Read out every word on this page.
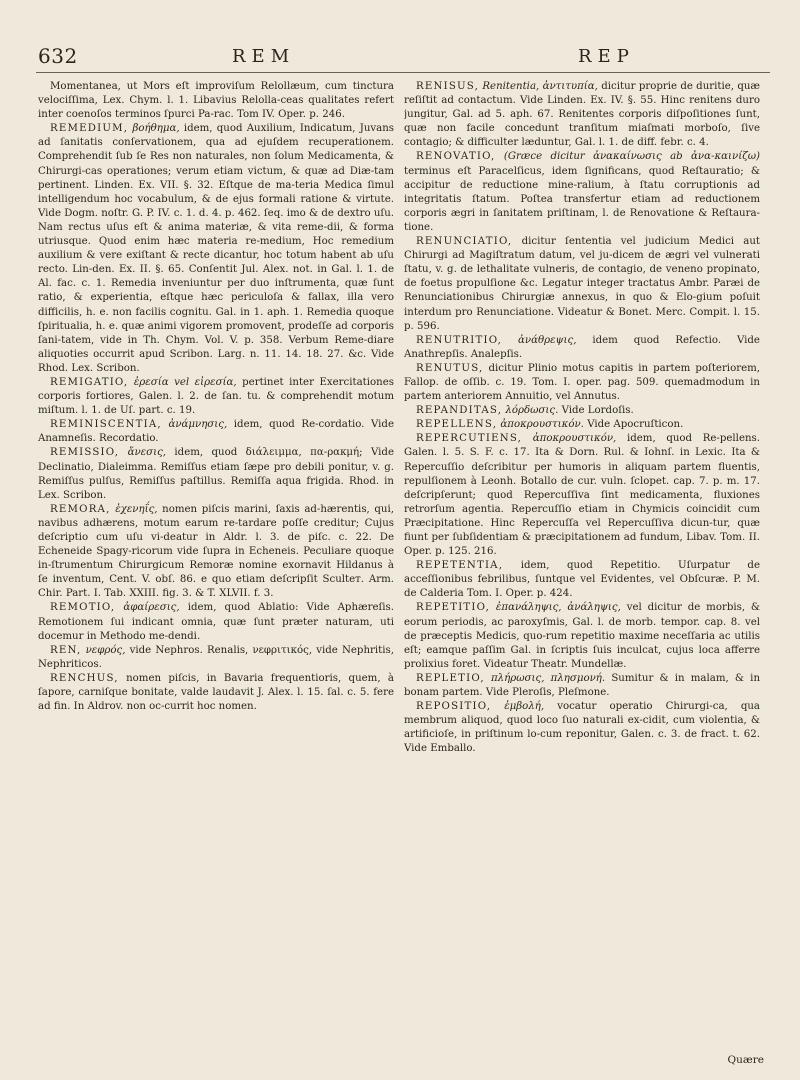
632	REM	REP

Momentanea, ut Mors eſt improviſum Relollæum, cum tinctura velociſſima, Lex. Chym. l. 1. Libavius Relolla-ceas qualitates refert inter coenoſos terminos ſpurci Pa-rac. Tom IV. Oper. p. 246.

REMEDIUM, βοήθημα, idem, quod Auxilium, Indicatum, Juvans ad ſanitatis conſervationem, qua ad ejuſdem recuperationem. Comprehendit ſub ſe Res non naturales, non ſolum Medicamenta, & Chirurgi-cas operationes; verum etiam victum, & quæ ad Diæ-tam pertinent. Linden. Ex. VII. §. 32. Eſtque de ma-teria Medica ſimul intelligendum hoc vocabulum, & de ejus formali ratione & virtute. Vide Dogm. noſtr. G. P. IV. c. 1. d. 4. p. 462. ſeq. imo & de dextro uſu. Nam rectus uſus eſt & anima materiæ, & vita reme-dii, & forma utriusque. Quod enim hæc materia re-medium, Hoc remedium auxilium & vere exiſtant & recte dicantur, hoc totum habent ab uſu recto. Lin-den. Ex. II. §. 65. Conſentit Jul. Alex. not. in Gal. l. 1. de Al. fac. c. 1. Remedia inveniuntur per duo inſtrumenta, quæ ſunt ratio, & experientia, eſtque hæc periculoſa & fallax, illa vero difficilis, h. e. non facilis cognitu. Gal. in 1. aph. 1. Remedia quoque ſpiritualia, h. e. quæ animi vigorem promovent, prodeſſe ad corporis ſani-tatem, vide in Th. Chym. Vol. V. p. 358. Verbum Reme-diare aliquoties occurrit apud Scribon. Larg. n. 11. 14. 18. 27. &c. Vide Rhod. Lex. Scribon.

REMIGATIO, ἐρεσία vel εἰρεσία, pertinet inter Exercitationes corporis fortiores, Galen. l. 2. de ſan. tu. & comprehendit motum miſtum. l. 1. de Uſ. part. c. 19.

REMINISCENTIA, ἀνάμνησις, idem, quod Re-cordatio. Vide Anamneſis. Recordatio.

REMISSIO, ἄνεσις, idem, quod διάλειμμα, πα-ρακμή; Vide Declinatio, Dialeimma. Remiſſus etiam ſæpe pro debili ponitur, v. g. Remiſſus pulſus, Remiſſus paſtillus. Remiſſa aqua frigida. Rhod. in Lex. Scribon.

REMORA, ἐχενηΐς, nomen piſcis marini, ſaxis ad-hærentis, qui, navibus adhærens, motum earum re-tardare poſſe creditur; Cujus deſcriptio cum uſu vi-deatur in Aldr. l. 3. de piſc. c. 22. De Echeneide Spagy-ricorum vide ſupra in Echeneis. Peculiare quoque in-ſtrumentum Chirurgicum Remoræ nomine exornavit Hildanus à ſe inventum, Cent. V. obſ. 86. e quo etiam deſcripſit Sculteт. Arm. Chir. Part. I. Tab. XXIII. fig. 3. & T. XLVII. f. 3.

REMOTIO, ἀφαίρεσις, idem, quod Ablatio: Vide Aphæreſis. Remotionem ſui indicant omnia, quæ ſunt præter naturam, uti docemur in Methodo me-dendi.

REN, νεφρός, vide Nephros. Renalis, νεφριτικός, vide Nephritis, Nephriticos.

RENCHUS, nomen piſcis, in Bavaria frequentioris, quem, à ſapore, carniſque bonitate, valde laudavit J. Alex. l. 15. ſal. c. 5. fere ad fin. In Aldrov. non oc-currit hoc nomen.

RENISUS, Renitentia, ἀντιτυπία, dicitur proprie de duritie, quæ reſiſtit ad contactum. Vide Linden. Ex. IV. §. 55. Hinc renitens duro jungitur, Gal. ad 5. aph. 67. Renitentes corporis diſpoſitiones ſunt, quæ non facile concedunt tranſitum miaſmati morboſo, ſive contagio; & difficulter læduntur, Gal. l. 1. de diff. febr. c. 4.

RENOVATIO, (Græce dicitur ἀνακαίνωσις ab ἀνα-καινίζω) terminus eſt Paracelſicus, idem ſignificans, quod Reſtauratio; & accipitur de reductione mine-ralium, à ſtatu corruptionis ad integritatis ſtatum. Poſtea transfertur etiam ad reductionem corporis ægri in ſanitatem priſtinam, l. de Renovatione & Reſtaura-tione.

RENUNCIATIO, dicitur ſententia vel judicium Medici aut Chirurgi ad Magiſtratum datum, vel ju-dicem de ægri vel vulnerati ſtatu, v. g. de lethalitate vulneris, de contagio, de veneno propinato, de foetus propulſione &c. Legatur integer tractatus Ambr. Paræi de Renunciationibus Chirurgiæ annexus, in quo & Elo-gium poſuit interdum pro Renunciatione. Videatur & Bonet. Merc. Compit. l. 15. p. 596.

RENUTRITIO, ἀνάθρεψις, idem quod Refectio. Vide Anathrepſis. Analepſis.

RENUTUS, dicitur Plinio motus capitis in partem poſteriorem, Fallop. de oſſib. c. 19. Tom. I. oper. pag. 509. quemadmodum in partem anteriorem Annuitio, vel Annutus.

REPANDITAS, λόρδωσις. Vide Lordoſis.

REPELLENS, ἀποκρουστικόν. Vide Apocruſticon.

REPERCUTIENS, ἀποκρουστικόν, idem, quod Re-pellens. Galen. l. 5. S. F. c. 17. Ita & Dorn. Rul. & Iohnſ. in Lexic. Ita & Repercuſſio deſcribitur per humoris in aliquam partem fluentis, repulſionem à Leonh. Botallo de cur. vuln. ſclopet. cap. 7. p. m. 17. deſcripſerunt; quod Repercuſſiva ſint medicamenta, fluxiones retrorſum agentia. Repercuſſio etiam in Chymicis coincidit cum Præcipitatione. Hinc Repercuſſa vel Repercuſſiva dicun-tur, quæ fiunt per ſubſidentiam & præcipitationem ad fundum, Libav. Tom. II. Oper. p. 125. 216.

REPETENTIA, idem, quod Repetitio. Uſurpatur de acceſſionibus febrilibus, ſuntque vel Evidentes, vel Obſcuræ. P. M. de Calderia Tom. I. Oper. p. 424.

REPETITIO, ἐπανάληψις, ἀνάληψις, vel dicitur de morbis, & eorum periodis, ac paroxyſmis, Gal. l. de morb. tempor. cap. 8. vel de præceptis Medicis, quo-rum repetitio maxime neceſſaria ac utilis eſt; eamque paſſim Gal. in ſcriptis ſuis inculcat, cujus loca afferre prolixius foret. Videatur Theatr. Mundellæ.

REPLETIO, πλήρωσις, πλησμονή. Sumitur & in malam, & in bonam partem. Vide Pleroſis, Pleſmone.

REPOSITIO, ἐμβολή, vocatur operatio Chirurgi-ca, qua membrum aliquod, quod loco ſuo naturali ex-cidit, cum violentia, & artificioſe, in priſtinum lo-cum reponitur, Galen. c. 3. de fract. t. 62. Vide Emballo.

Quære
